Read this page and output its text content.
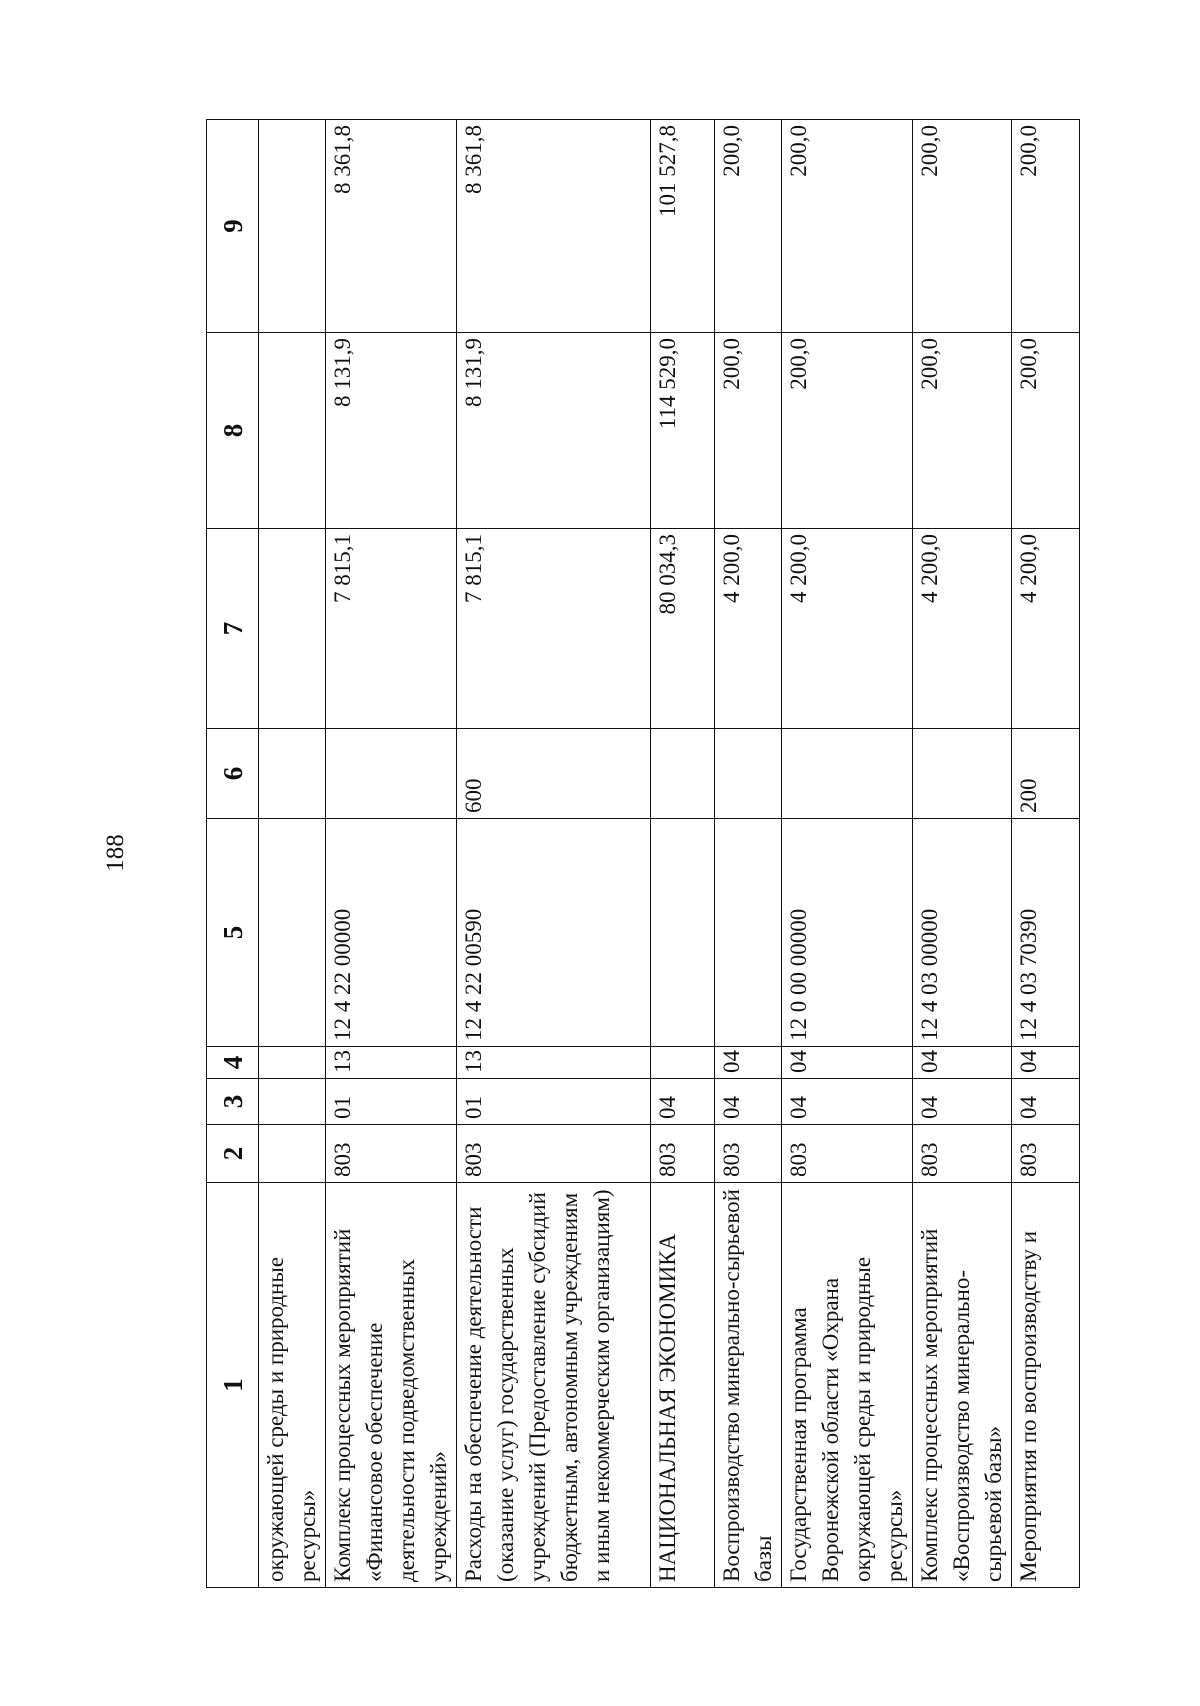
188
1	2	3	4	5	6	7	8	9
окружающей среды и природные ресурсы»								
Комплекс процессных мероприятий «Финансовое обеспечение деятельности подведомственных учреждений»	803	01	13	12 4 22 00000		7 815,1	8 131,9	8 361,8
Расходы на обеспечение деятельности (оказание услуг) государственных учреждений (Предоставление субсидий бюджетным, автономным учреждениям и иным некоммерческим организациям)	803	01	13	12 4 22 00590	600	7 815,1	8 131,9	8 361,8
НАЦИОНАЛЬНАЯ ЭКОНОМИКА	803	04				80 034,3	114 529,0	101 527,8
Воспроизводство минерально-сырьевой базы	803	04	04			4 200,0	200,0	200,0
Государственная программа Воронежской области «Охрана окружающей среды и природные ресурсы»	803	04	04	12 0 00 00000		4 200,0	200,0	200,0
Комплекс процессных мероприятий «Воспроизводство минерально-сырьевой базы»	803	04	04	12 4 03 00000		4 200,0	200,0	200,0
Мероприятия по воспроизводству и	803	04	04	12 4 03 70390	200	4 200,0	200,0	200,0
